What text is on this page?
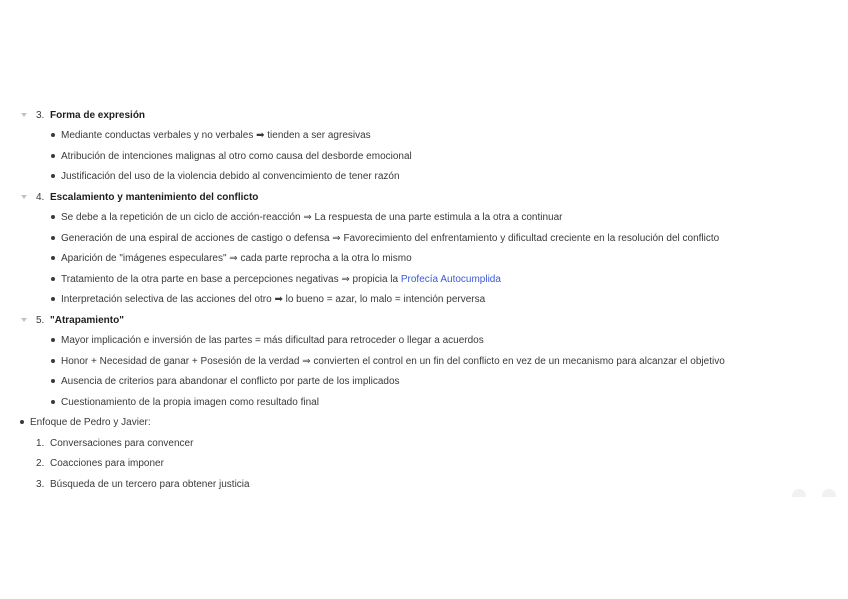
3. Forma de expresión
Mediante conductas verbales y no verbales ➡ tienden a ser agresivas
Atribución de intenciones malignas al otro como causa del desborde emocional
Justificación del uso de la violencia debido al convencimiento de tener razón
4. Escalamiento y mantenimiento del conflicto
Se debe a la repetición de un ciclo de acción-reacción ⇒ La respuesta de una parte estimula a la otra a continuar
Generación de una espiral de acciones de castigo o defensa ⇒ Favorecimiento del enfrentamiento y dificultad creciente en la resolución del conflicto
Aparición de "imágenes especulares" ⇒ cada parte reprocha a la otra lo mismo
Tratamiento de la otra parte en base a percepciones negativas ⇒ propicia la Profecía Autocumplida
Interpretación selectiva de las acciones del otro ➡ lo bueno = azar, lo malo = intención perversa
5. "Atrapamiento"
Mayor implicación e inversión de las partes = más dificultad para retroceder o llegar a acuerdos
Honor + Necesidad de ganar + Posesión de la verdad ⇒ convierten el control en un fin del conflicto en vez de un mecanismo para alcanzar el objetivo
Ausencia de criterios para abandonar el conflicto por parte de los implicados
Cuestionamiento de la propia imagen como resultado final
Enfoque de Pedro y Javier:
1. Conversaciones para convencer
2. Coacciones para imponer
3. Búsqueda de un tercero para obtener justicia
